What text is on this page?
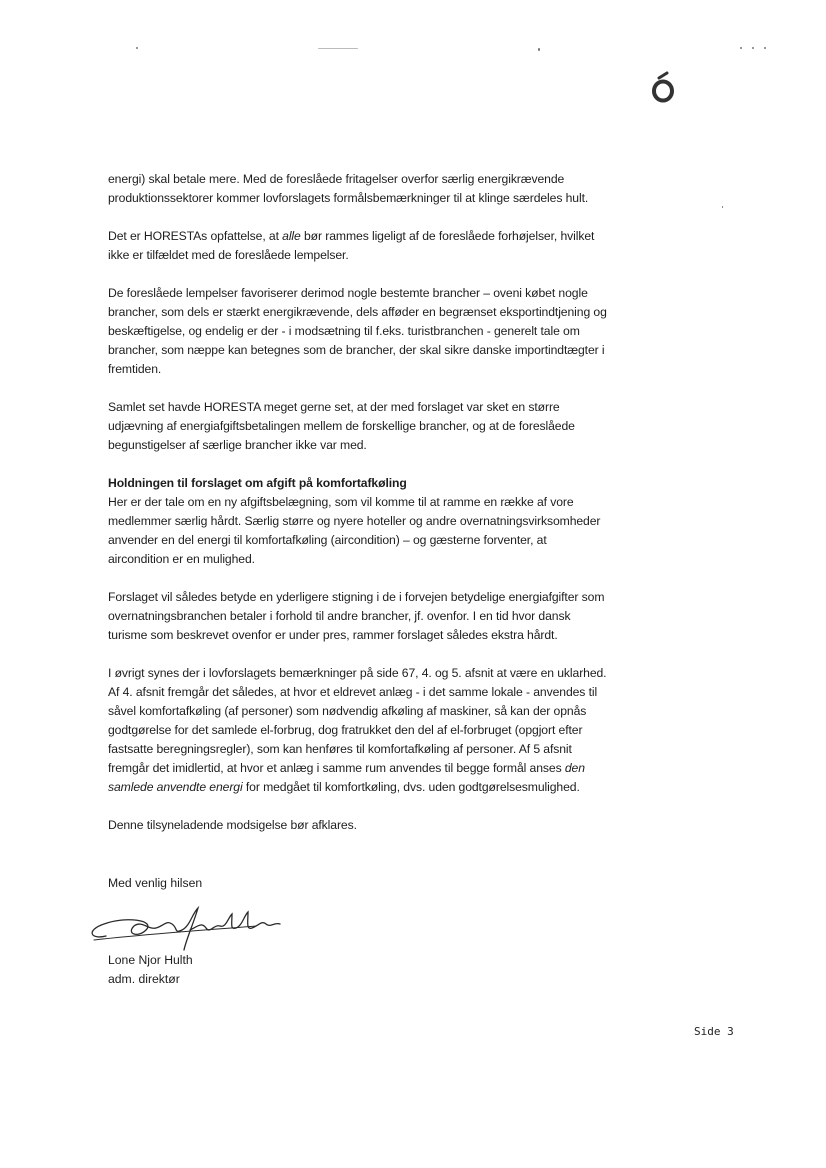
energi) skal betale mere. Med de foreslåede fritagelser overfor særlig energikrævende produktionssektorer kommer lovforslagets formålsbemærkninger til at klinge særdeles hult.

Det er HORESTAs opfattelse, at alle bør rammes ligeligt af de foreslåede forhøjelser, hvilket ikke er tilfældet med de foreslåede lempelser.

De foreslåede lempelser favoriserer derimod nogle bestemte brancher – oveni købet nogle brancher, som dels er stærkt energikrævende, dels afføder en begrænset eksportindtjening og beskæftigelse, og endelig er der - i modsætning til f.eks. turistbranchen - generelt tale om brancher, som næppe kan betegnes som de brancher, der skal sikre danske importindtægter i fremtiden.

Samlet set havde HORESTA meget gerne set, at der med forslaget var sket en større udjævning af energiafgiftsbetalingen mellem de forskellige brancher, og at de foreslåede begunstigelser af særlige brancher ikke var med.

Holdningen til forslaget om afgift på komfortafkøling

Her er der tale om en ny afgiftsbelægning, som vil komme til at ramme en række af vore medlemmer særlig hårdt. Særlig større og nyere hoteller og andre overnatningsvirksomheder anvender en del energi til komfortafkøling (aircondition) – og gæsterne forventer, at aircondition er en mulighed.

Forslaget vil således betyde en yderligere stigning i de i forvejen betydelige energiafgifter som overnatningsbranchen betaler i forhold til andre brancher, jf. ovenfor. I en tid hvor dansk turisme som beskrevet ovenfor er under pres, rammer forslaget således ekstra hårdt.

I øvrigt synes der i lovforslagets bemærkninger på side 67, 4. og 5. afsnit at være en uklarhed. Af 4. afsnit fremgår det således, at hvor et eldrevet anlæg - i det samme lokale - anvendes til såvel komfortafkøling (af personer) som nødvendig afkøling af maskiner, så kan der opnås godtgørelse for det samlede el-forbrug, dog fratrukket den del af el-forbruget (opgjort efter fastsatte beregningsregler), som kan henføres til komfortafkøling af personer. Af 5 afsnit fremgår det imidlertid, at hvor et anlæg i samme rum anvendes til begge formål anses den samlede anvendte energi for medgået til komfortkøling, dvs. uden godtgørelsesmulighed.

Denne tilsyneladende modsigelse bør afklares.

Med venlig hilsen
Lone Njor Hulth
adm. direktør
Side 3
